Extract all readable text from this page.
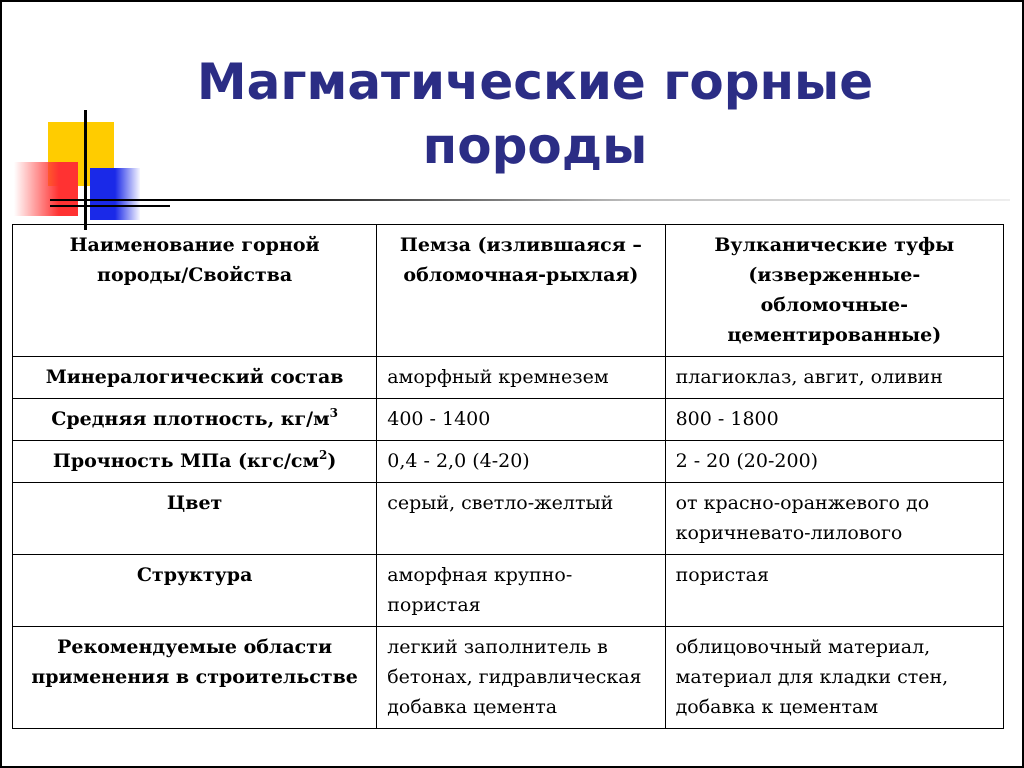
Магматические горные породы
Наименование горной породы/Свойства	Пемза (излившаяся – обломочная-рыхлая)	Вулканические туфы (изверженные-обломочные-цементированные)
Минералогический состав	аморфный кремнезем	плагиоклаз, авгит, оливин
Средняя плотность, $кг/м^3$	400 - 1400	800 - 1800
Прочность МПа $(кгс/см^2)$	0,4 - 2,0 (4-20)	2 - 20 (20-200)
Цвет	серый, светло-желтый	от красно-оранжевого до коричневато-лилового
Структура	аморфная крупно-пористая	пористая
Рекомендуемые области применения в строительстве	легкий заполнитель в бетонах, гидравлическая добавка цемента	облицовочный материал, материал для кладки стен, добавка к цементам
